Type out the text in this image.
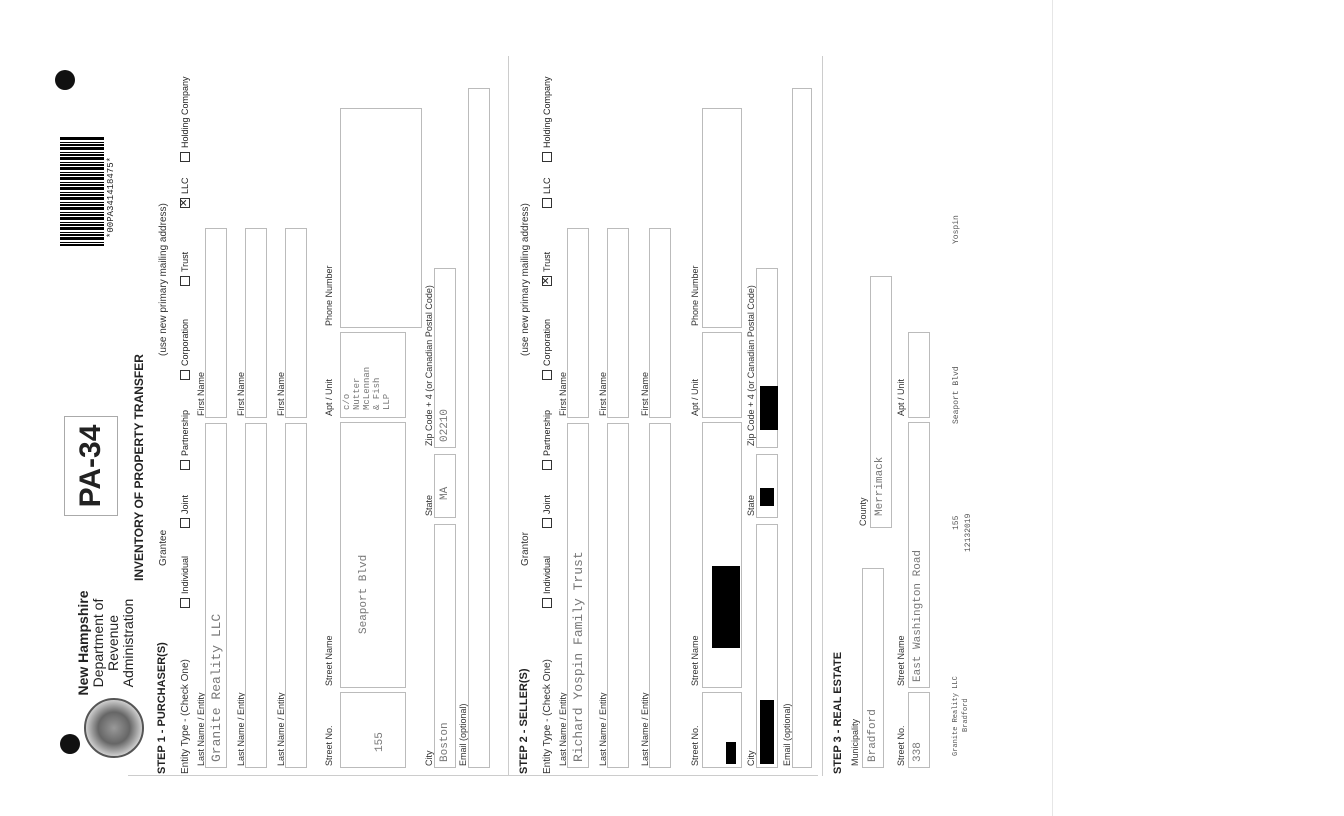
New Hampshire Department of Revenue Administration
PA-34
*00PA341418475*
INVENTORY OF PROPERTY TRANSFER
STEP 1 - PURCHASER(S)
Grantee
(use new primary mailing address)
Entity Type - (Check One)
Individual
Joint
Partnership
Corporation
Trust
✕
LLC
Holding Company
Last Name / Entity
First Name
Granite Reality LLC Last Name / Entity
First Name
Last Name / Entity
First Name
Street No.
Street Name
Apt / Unit
Phone Number
155
Seaport Blvd
c/o Nutter McLennan & Fish LLP
City
State
Zip Code + 4 (or Canadian Postal Code)
Boston
MA
02210
Email (optional)	STEP 2 - SELLER(S)
Grantor
(use new primary mailing address)
Entity Type - (Check One)
Individual
Joint
Partnership
Corporation
✕
Trust
LLC
Holding Company
Last Name / Entity
First Name
Richard Yospin Family Trust Last Name / Entity
First Name
Last Name / Entity
First Name
Street No.
Street Name
Apt / Unit
Phone Number
City
State
Zip Code + 4 (or Canadian Postal Code)
Email (optional)	STEP 3 - REAL ESTATE Municipality
County
Bradford
Merrimack
Street No.
Street Name
Apt / Unit
338
East Washington Road
Granite Reality LLC Bradford
155 12132019
Seaport Blvd
Yospin
